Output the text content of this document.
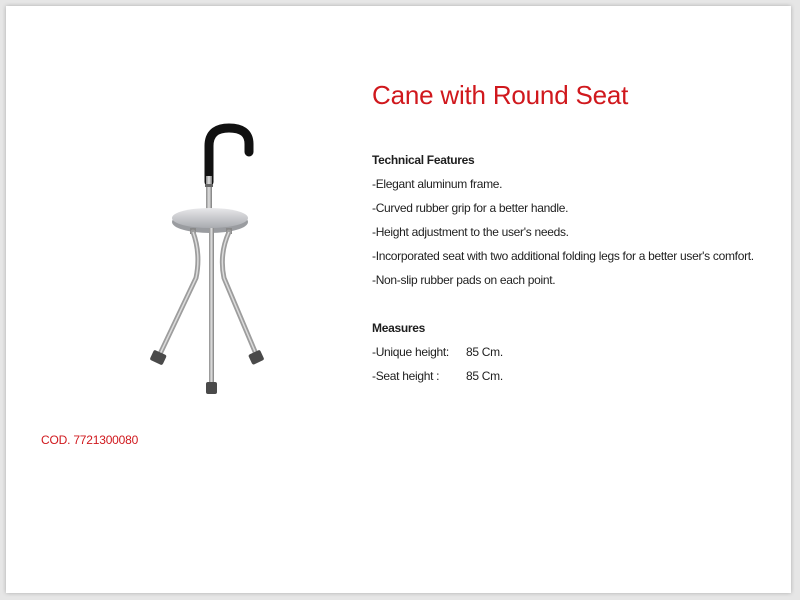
Cane with Round Seat
Technical Features
-Elegant aluminum frame.
-Curved rubber grip for a better handle.
-Height adjustment to the user's needs.
-Incorporated seat with two additional folding legs for a better user's comfort.
-Non-slip rubber pads on each point.
Measures
-Unique height: 85 Cm.
-Seat height : 85 Cm.
COD. 7721300080
